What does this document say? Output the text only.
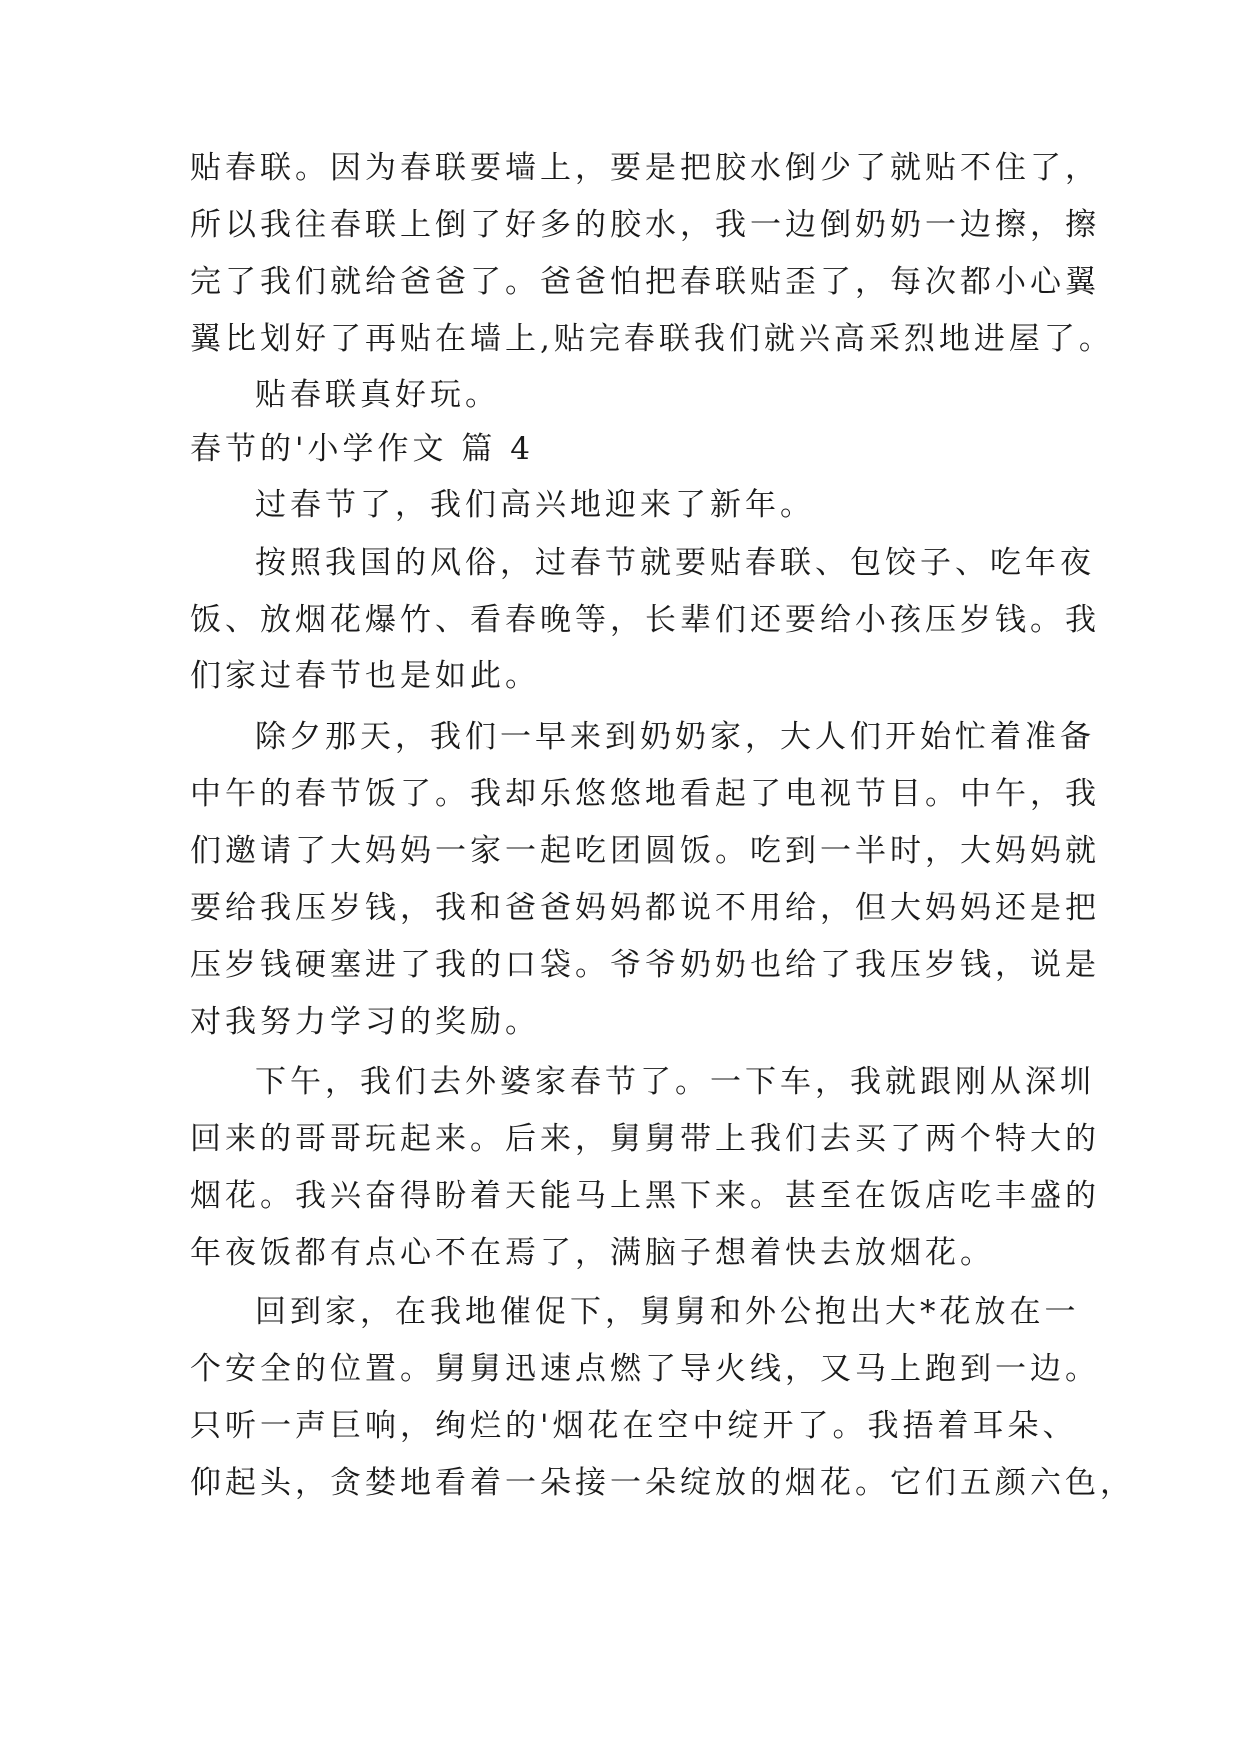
贴春联。因为春联要墙上，要是把胶水倒少了就贴不住了，
所以我往春联上倒了好多的胶水，我一边倒奶奶一边擦，擦
完了我们就给爸爸了。爸爸怕把春联贴歪了，每次都小心翼
翼比划好了再贴在墙上,贴完春联我们就兴高采烈地进屋了。
贴春联真好玩。
春节的'小学作文 篇 4
过春节了，我们高兴地迎来了新年。
按照我国的风俗，过春节就要贴春联、包饺子、吃年夜
饭、放烟花爆竹、看春晚等，长辈们还要给小孩压岁钱。我
们家过春节也是如此。
除夕那天，我们一早来到奶奶家，大人们开始忙着准备
中午的春节饭了。我却乐悠悠地看起了电视节目。中午，我
们邀请了大妈妈一家一起吃团圆饭。吃到一半时，大妈妈就
要给我压岁钱，我和爸爸妈妈都说不用给，但大妈妈还是把
压岁钱硬塞进了我的口袋。爷爷奶奶也给了我压岁钱，说是
对我努力学习的奖励。
下午，我们去外婆家春节了。一下车，我就跟刚从深圳
回来的哥哥玩起来。后来，舅舅带上我们去买了两个特大的
烟花。我兴奋得盼着天能马上黑下来。甚至在饭店吃丰盛的
年夜饭都有点心不在焉了，满脑子想着快去放烟花。
回到家，在我地催促下，舅舅和外公抱出大*花放在一
个安全的位置。舅舅迅速点燃了导火线，又马上跑到一边。
只听一声巨响，绚烂的'烟花在空中绽开了。我捂着耳朵、
仰起头，贪婪地看着一朵接一朵绽放的烟花。它们五颜六色，
